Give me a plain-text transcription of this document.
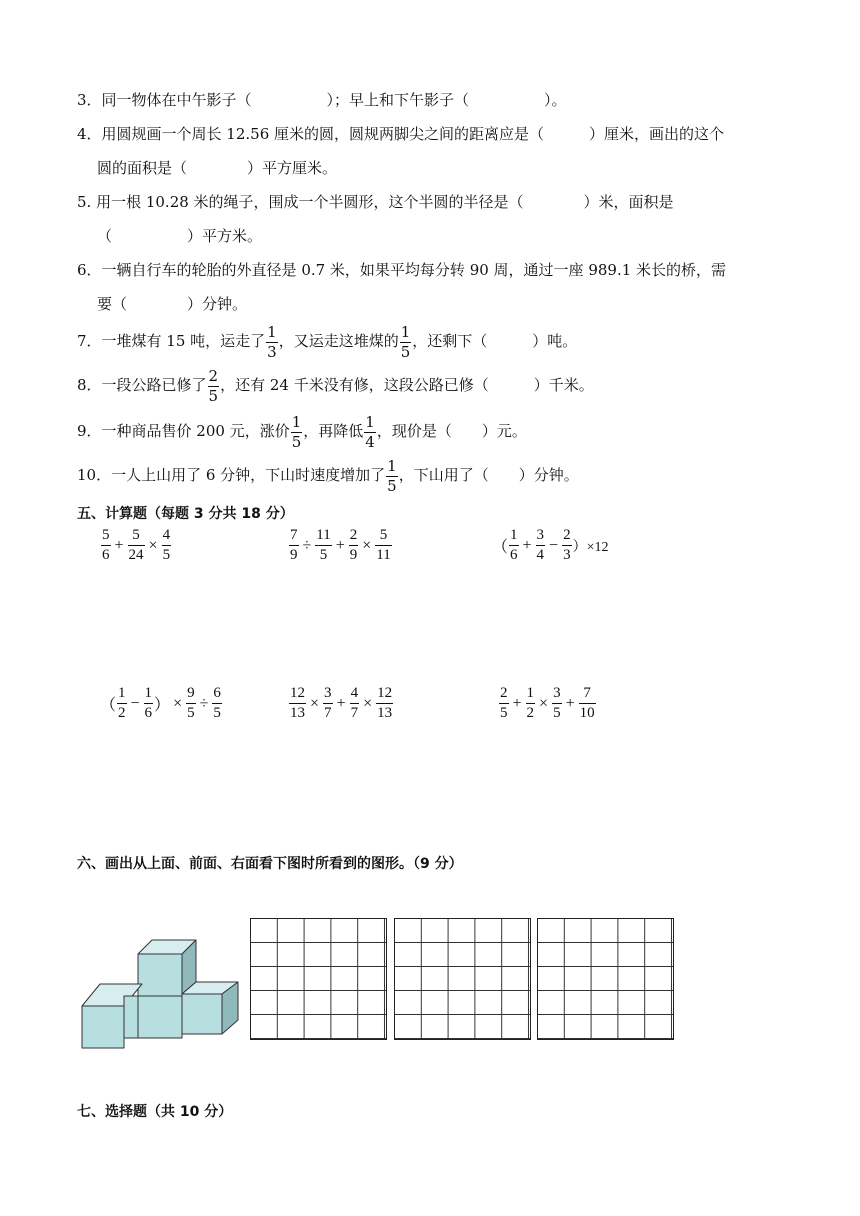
3．同一物体在中午影子（　　　　　）；早上和下午影子（　　　　　）。
4．用圆规画一个周长 12.56 厘米的圆，圆规两脚尖之间的距离应是（　　　）厘米，画出的这个
圆的面积是（　　　　）平方厘米。
5. 用一根 10.28 米的绳子，围成一个半圆形，这个半圆的半径是（　　　　）米，面积是
（　　　　　）平方米。
6．一辆自行车的轮胎的外直径是 0.7 米，如果平均每分转 90 周，通过一座 989.1 米长的桥，需
要（　　　　）分钟。
7．一堆煤有 15 吨，运走了 $\frac{1}{3}$ ，又运走这堆煤的 $\frac{1}{5}$ ，还剩下（　　　）吨。
8．一段公路已修了 $\frac{2}{5}$ ，还有 24 千米没有修，这段公路已修（　　　）千米。
9．一种商品售价 200 元，涨价 $\frac{1}{5}$ ，再降低 $\frac{1}{4}$ ，现价是（　　）元。
10．一人上山用了 6 分钟，下山时速度增加了 $\frac{1}{5}$ ，下山用了（　　）分钟。
五、计算题（每题 3 分共 18 分）
$\frac{5}{6} + \frac{5}{24} \times \frac{4}{5}$	$\frac{7}{9} \div \frac{11}{5} + \frac{2}{9} \times \frac{5}{11}$	（ $\frac{1}{6} + \frac{3}{4} - \frac{2}{3} )\times 12$
（ $\frac{1}{2} - \frac{1}{6}$ ） × $\frac{9}{5} \div \frac{6}{5}$	$\frac{12}{13} \times \frac{3}{7} + \frac{4}{7} \times \frac{12}{13}$	$\frac{2}{5} + \frac{1}{2} \times \frac{3}{5} + \frac{7}{10}$
六、画出从上面、前面、右面看下图时所看到的图形。（9 分）
七、选择题（共 10 分）
